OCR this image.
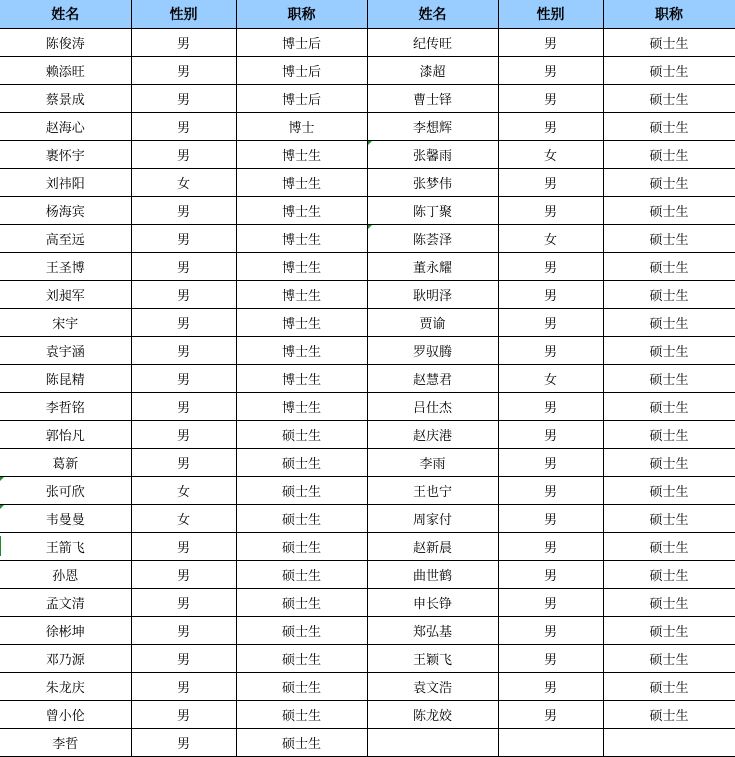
姓名	性别	职称	姓名	性别	职称
陈俊涛	男	博士后	纪传旺	男	硕士生
赖添旺	男	博士后	漆超	男	硕士生
蔡景成	男	博士后	曹士铎	男	硕士生
赵海心	男	博士	李想辉	男	硕士生
裹怀宇	男	博士生	张馨雨	女	硕士生
刘祎阳	女	博士生	张梦伟	男	硕士生
杨海宾	男	博士生	陈丁聚	男	硕士生
高至远	男	博士生	陈荟泽	女	硕士生
王圣博	男	博士生	董永耀	男	硕士生
刘昶军	男	博士生	耿明泽	男	硕士生
宋宇	男	博士生	贾谕	男	硕士生
袁宇涵	男	博士生	罗驭腾	男	硕士生
陈昆精	男	博士生	赵慧君	女	硕士生
李哲铭	男	博士生	吕仕杰	男	硕士生
郭怡凡	男	硕士生	赵庆港	男	硕士生
葛新	男	硕士生	李雨	男	硕士生
张可欣	女	硕士生	王也宁	男	硕士生
韦曼曼	女	硕士生	周家付	男	硕士生
王箭飞	男	硕士生	赵新晨	男	硕士生
孙恩	男	硕士生	曲世鹤	男	硕士生
孟文清	男	硕士生	申长铮	男	硕士生
徐彬坤	男	硕士生	郑弘基	男	硕士生
邓乃源	男	硕士生	王颖飞	男	硕士生
朱龙庆	男	硕士生	袁文浩	男	硕士生
曾小伦	男	硕士生	陈龙姣	男	硕士生
李哲	男	硕士生			
